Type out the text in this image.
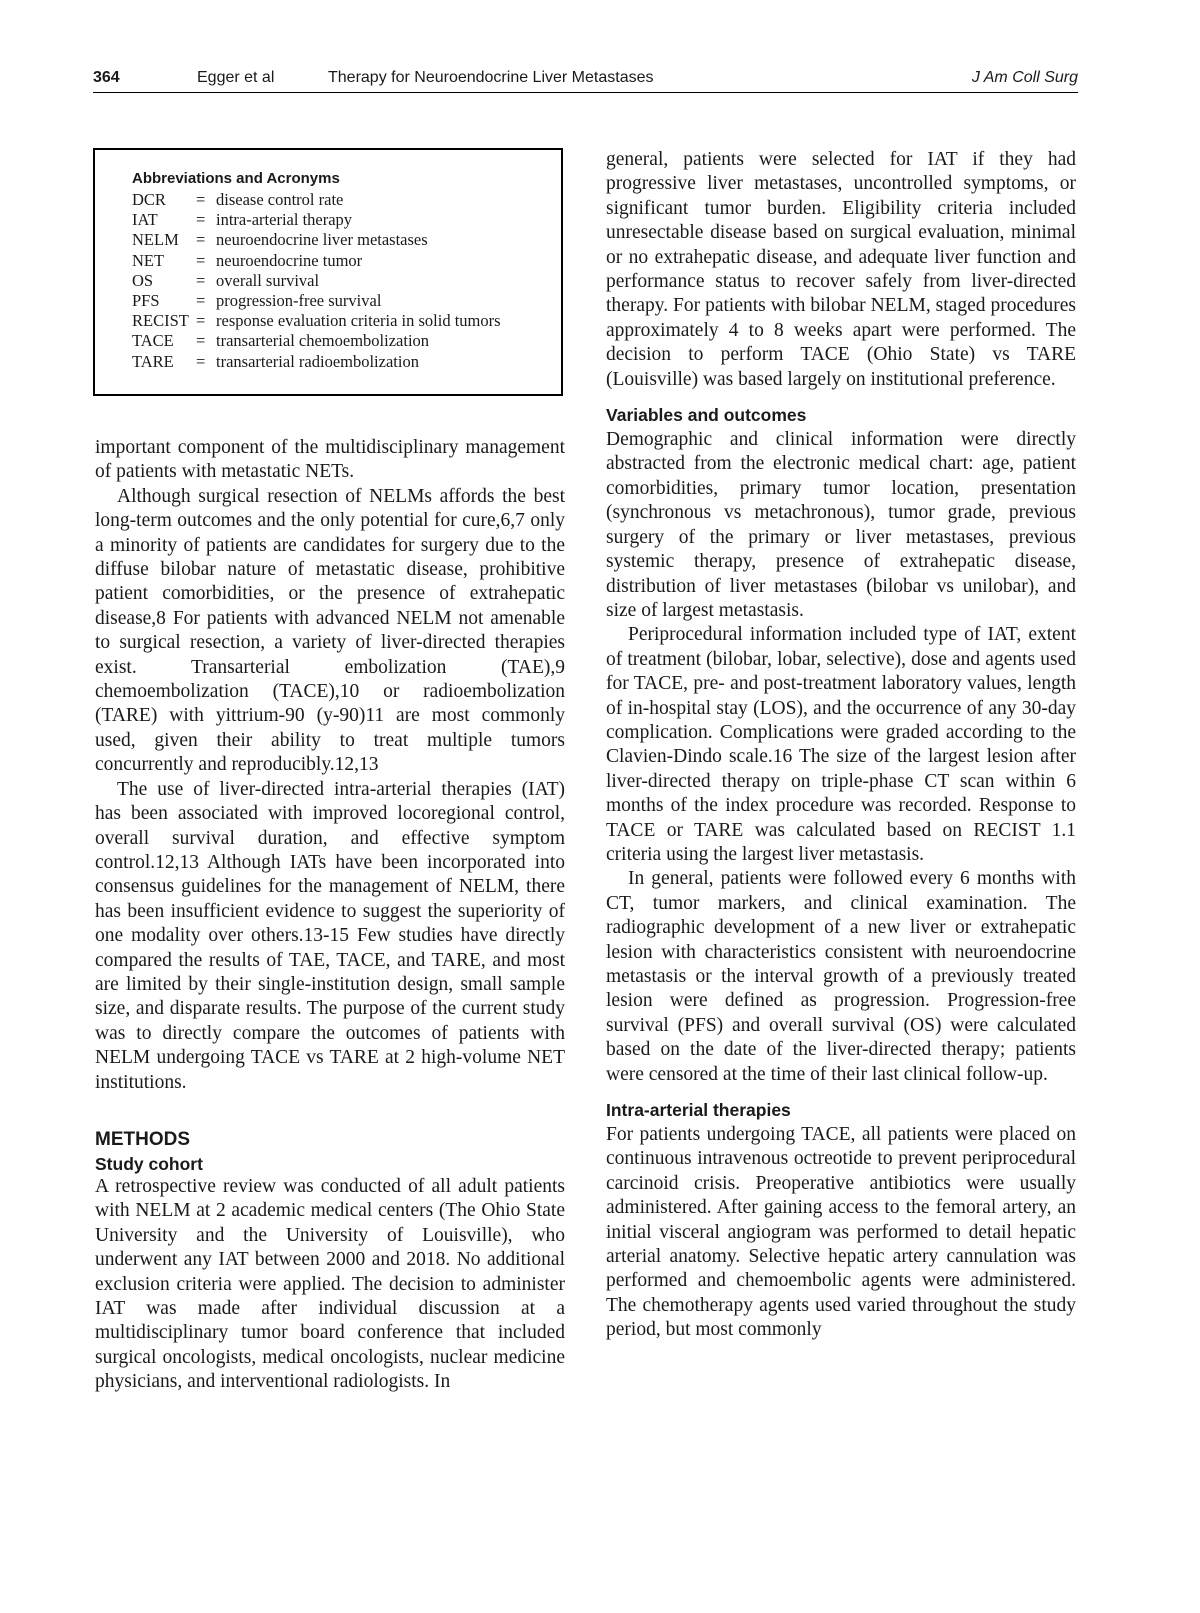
364	Egger et al	Therapy for Neuroendocrine Liver Metastases	J Am Coll Surg
Abbreviations and Acronyms
DCR = disease control rate
IAT = intra-arterial therapy
NELM = neuroendocrine liver metastases
NET = neuroendocrine tumor
OS	= overall survival
PFS = progression-free survival
RECIST = response evaluation criteria in solid tumors
TACE = transarterial chemoembolization
TARE = transarterial radioembolization

important component of the multidisciplinary management of patients with metastatic NETs.

Although surgical resection of NELMs affords the best long-term outcomes and the only potential for cure,6,7 only a minority of patients are candidates for surgery due to the diffuse bilobar nature of metastatic disease, prohibitive patient comorbidities, or the presence of extrahepatic disease,8 For patients with advanced NELM not amenable to surgical resection, a variety of liver-directed therapies exist. Transarterial embolization (TAE),9 chemoembolization (TACE),10 or radioembolization (TARE) with yittrium-90 (y-90)11 are most commonly used, given their ability to treat multiple tumors concurrently and reproducibly.12,13

The use of liver-directed intra-arterial therapies (IAT) has been associated with improved locoregional control, overall survival duration, and effective symptom control.12,13 Although IATs have been incorporated into consensus guidelines for the management of NELM, there has been insufficient evidence to suggest the superiority of one modality over others.13-15 Few studies have directly compared the results of TAE, TACE, and TARE, and most are limited by their single-institution design, small sample size, and disparate results. The purpose of the current study was to directly compare the outcomes of patients with NELM undergoing TACE vs TARE at 2 high-volume NET institutions.

METHODS
Study cohort

A retrospective review was conducted of all adult patients with NELM at 2 academic medical centers (The Ohio State University and the University of Louisville), who underwent any IAT between 2000 and 2018. No additional exclusion criteria were applied. The decision to administer IAT was made after individual discussion at a multidisciplinary tumor board conference that included surgical oncologists, medical oncologists, nuclear medicine physicians, and interventional radiologists. In

general, patients were selected for IAT if they had progressive liver metastases, uncontrolled symptoms, or significant tumor burden. Eligibility criteria included unresectable disease based on surgical evaluation, minimal or no extrahepatic disease, and adequate liver function and performance status to recover safely from liver-directed therapy. For patients with bilobar NELM, staged procedures approximately 4 to 8 weeks apart were performed. The decision to perform TACE (Ohio State) vs TARE (Louisville) was based largely on institutional preference.

Variables and outcomes

Demographic and clinical information were directly abstracted from the electronic medical chart: age, patient comorbidities, primary tumor location, presentation (synchronous vs metachronous), tumor grade, previous surgery of the primary or liver metastases, previous systemic therapy, presence of extrahepatic disease, distribution of liver metastases (bilobar vs unilobar), and size of largest metastasis.

Periprocedural information included type of IAT, extent of treatment (bilobar, lobar, selective), dose and agents used for TACE, pre- and post-treatment laboratory values, length of in-hospital stay (LOS), and the occurrence of any 30-day complication. Complications were graded according to the Clavien-Dindo scale.16 The size of the largest lesion after liver-directed therapy on triple-phase CT scan within 6 months of the index procedure was recorded. Response to TACE or TARE was calculated based on RECIST 1.1 criteria using the largest liver metastasis.

In general, patients were followed every 6 months with CT, tumor markers, and clinical examination. The radiographic development of a new liver or extrahepatic lesion with characteristics consistent with neuroendocrine metastasis or the interval growth of a previously treated lesion were defined as progression. Progression-free survival (PFS) and overall survival (OS) were calculated based on the date of the liver-directed therapy; patients were censored at the time of their last clinical follow-up.

Intra-arterial therapies

For patients undergoing TACE, all patients were placed on continuous intravenous octreotide to prevent periprocedural carcinoid crisis. Preoperative antibiotics were usually administered. After gaining access to the femoral artery, an initial visceral angiogram was performed to detail hepatic arterial anatomy. Selective hepatic artery cannulation was performed and chemoembolic agents were administered. The chemotherapy agents used varied throughout the study period, but most commonly
